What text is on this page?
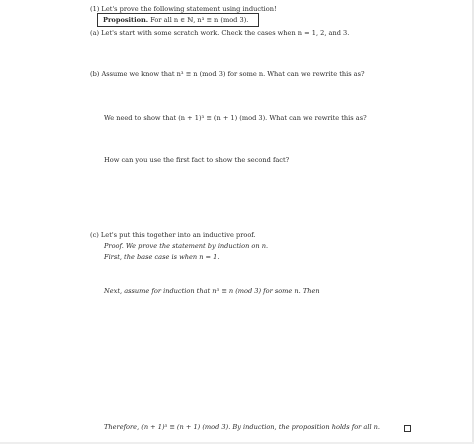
(1) Let's prove the following statement using induction!
Proposition. For all n ∈ ℕ, n³ ≡ n (mod 3).
(a) Let's start with some scratch work. Check the cases when n = 1, 2, and 3.
(b) Assume we know that n³ ≡ n (mod 3) for some n. What can we rewrite this as?
We need to show that (n + 1)³ ≡ (n + 1) (mod 3). What can we rewrite this as?
How can you use the first fact to show the second fact?
(c) Let's put this together into an inductive proof.
Proof. We prove the statement by induction on n.
First, the base case is when n = 1.
Next, assume for induction that n³ ≡ n (mod 3) for some n. Then
Therefore, (n + 1)³ ≡ (n + 1) (mod 3). By induction, the proposition holds for all n.
